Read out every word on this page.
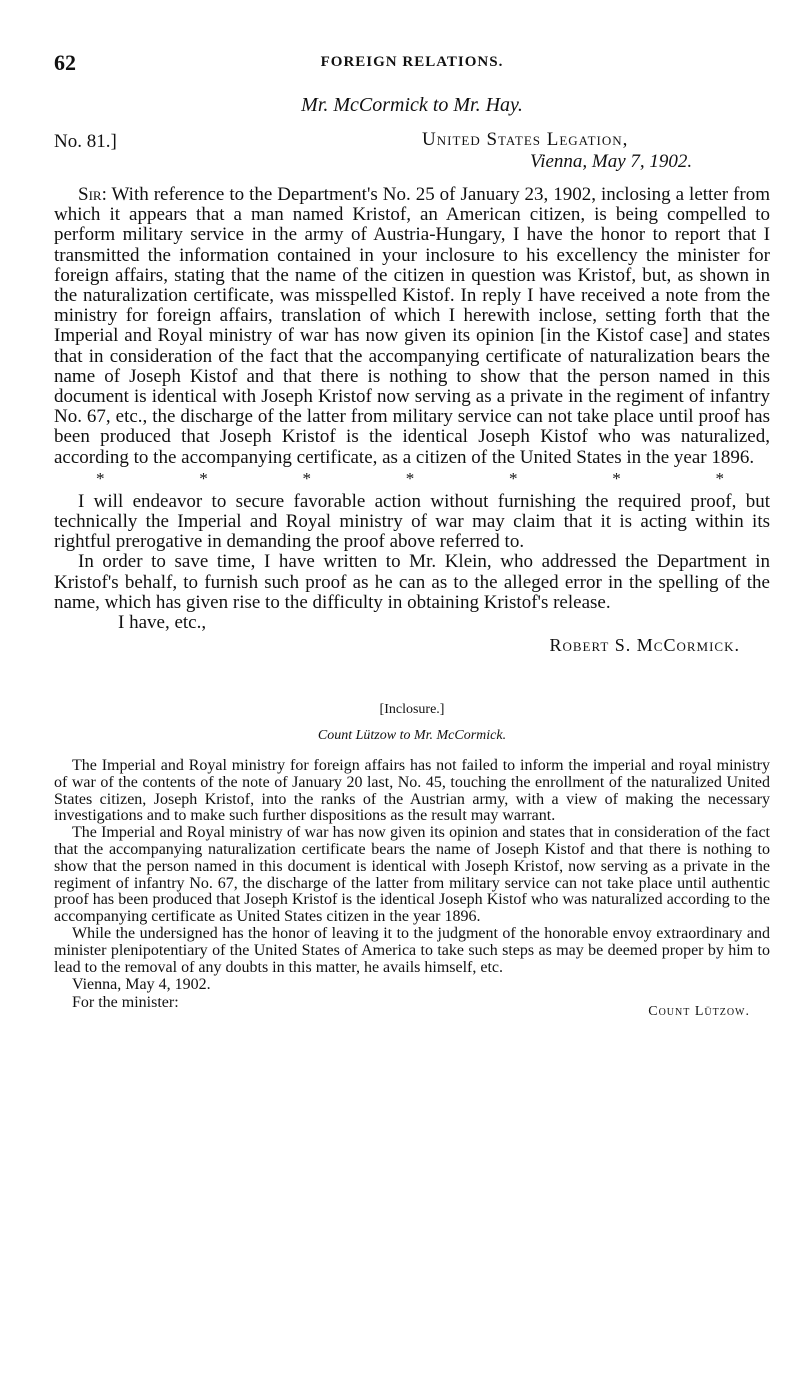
62	FOREIGN RELATIONS.
Mr. McCormick to Mr. Hay.
No. 81.]	United States Legation,
Vienna, May 7, 1902.

Sir: With reference to the Department's No. 25 of January 23, 1902, inclosing a letter from which it appears that a man named Kristof, an American citizen, is being compelled to perform military service in the army of Austria-Hungary, I have the honor to report that I transmitted the information contained in your inclosure to his excellency the minister for foreign affairs, stating that the name of the citizen in question was Kristof, but, as shown in the naturalization certificate, was misspelled Kistof. In reply I have received a note from the ministry for foreign affairs, translation of which I herewith inclose, setting forth that the Imperial and Royal ministry of war has now given its opinion [in the Kistof case] and states that in consideration of the fact that the accompanying certificate of naturalization bears the name of Joseph Kistof and that there is nothing to show that the person named in this document is identical with Joseph Kristof now serving as a private in the regiment of infantry No. 67, etc., the discharge of the latter from military service can not take place until proof has been produced that Joseph Kristof is the identical Joseph Kistof who was naturalized, according to the accompanying certificate, as a citizen of the United States in the year 1896.

*	*	*	*	*	*	*

I will endeavor to secure favorable action without furnishing the required proof, but technically the Imperial and Royal ministry of war may claim that it is acting within its rightful prerogative in demanding the proof above referred to.

In order to save time, I have written to Mr. Klein, who addressed the Department in Kristof's behalf, to furnish such proof as he can as to the alleged error in the spelling of the name, which has given rise to the difficulty in obtaining Kristof's release.

I have, etc.,
Robert S. McCormick.
[Inclosure.]
Count Lützow to Mr. McCormick.

The Imperial and Royal ministry for foreign affairs has not failed to inform the imperial and royal ministry of war of the contents of the note of January 20 last, No. 45, touching the enrollment of the naturalized United States citizen, Joseph Kristof, into the ranks of the Austrian army, with a view of making the necessary investigations and to make such further dispositions as the result may warrant.

The Imperial and Royal ministry of war has now given its opinion and states that in consideration of the fact that the accompanying naturalization certificate bears the name of Joseph Kistof and that there is nothing to show that the person named in this document is identical with Joseph Kristof, now serving as a private in the regiment of infantry No. 67, the discharge of the latter from military service can not take place until authentic proof has been produced that Joseph Kristof is the identical Joseph Kistof who was naturalized according to the accompanying certificate as United States citizen in the year 1896.

While the undersigned has the honor of leaving it to the judgment of the honorable envoy extraordinary and minister plenipotentiary of the United States of America to take such steps as may be deemed proper by him to lead to the removal of any doubts in this matter, he avails himself, etc.

Vienna, May 4, 1902.
For the minister:
Count Lützow.
